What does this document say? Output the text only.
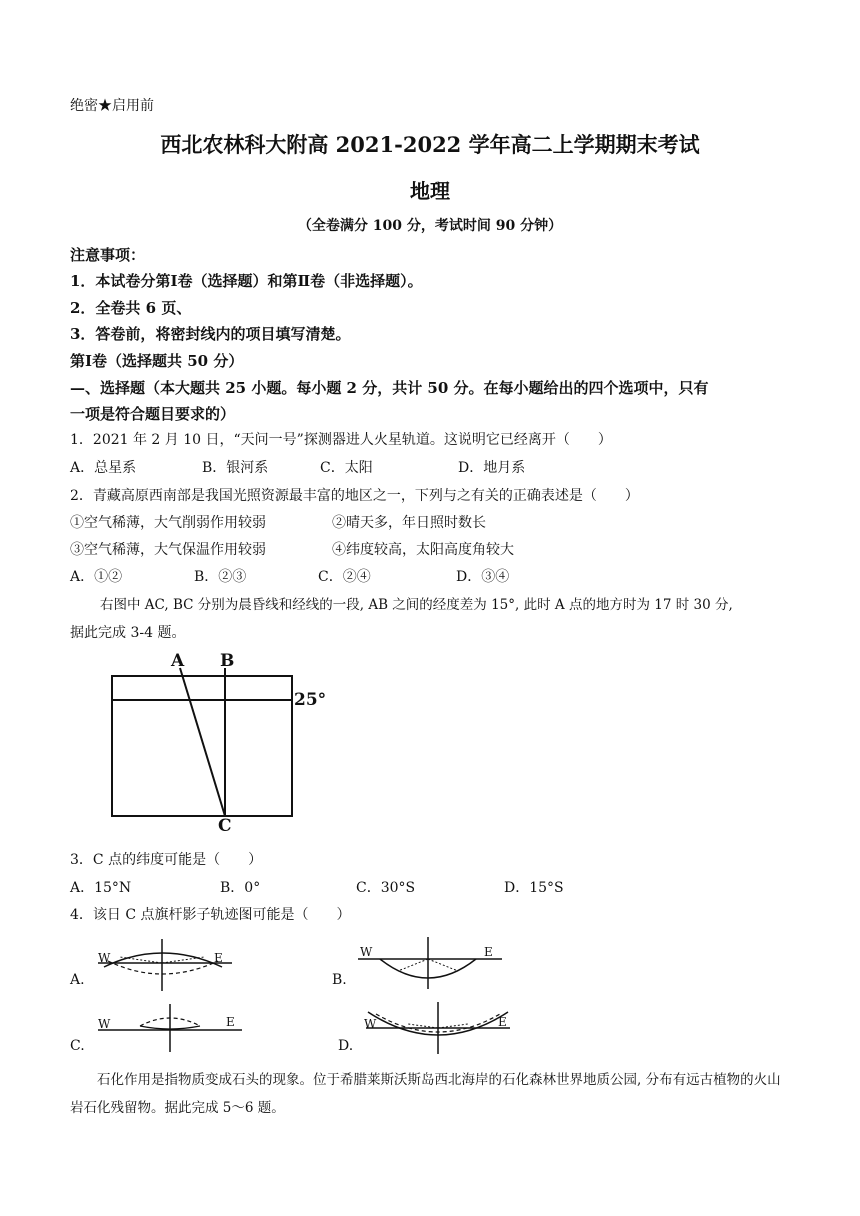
绝密★启用前
西北农林科大附高 2021-2022 学年高二上学期期末考试
地理
（全卷满分 100 分，考试时间 90 分钟）
注意事项：
1．本试卷分第Ⅰ卷（选择题）和第Ⅱ卷（非选择题）。
2．全卷共 6 页、
3．答卷前，将密封线内的项目填写清楚。
第Ⅰ卷（选择题共 50 分）
—、选择题（本大题共 25 小题。每小题 2 分，共计 50 分。在每小题给出的四个选项中，只有
一项是符合题目要求的）
1．2021 年 2 月 10 日，“天问一号”探测器进人火星轨道。这说明它已经离开（　　）
A．总星系	B．银河系	C．太阳	D．地月系
2．青藏高原西南部是我国光照资源最丰富的地区之一，下列与之有关的正确表述是（　　）
①空气稀薄，大气削弱作用较弱	②晴天多，年日照时数长
③空气稀薄，大气保温作用较弱	④纬度较高，太阳高度角较大
A．①②	B．②③	C．②④	D．③④
右图中 AC, BC 分别为晨昏线和经线的一段, AB 之间的经度差为 15°, 此时 A 点的地方时为 17 时 30 分,
据此完成 3-4 题。
A B
C
25°
3．C 点的纬度可能是（　　）
A．15°N	B．0°	C．30°S	D．15°S
4．该日 C 点旗杆影子轨迹图可能是（　　）
A.
W	E
B.
W	E
C.
W	E
D.
W	E
石化作用是指物质变成石头的现象。位于希腊莱斯沃斯岛西北海岸的石化森林世界地质公园, 分布有远古植物的火山岩石化残留物。据此完成 5～6 题。
